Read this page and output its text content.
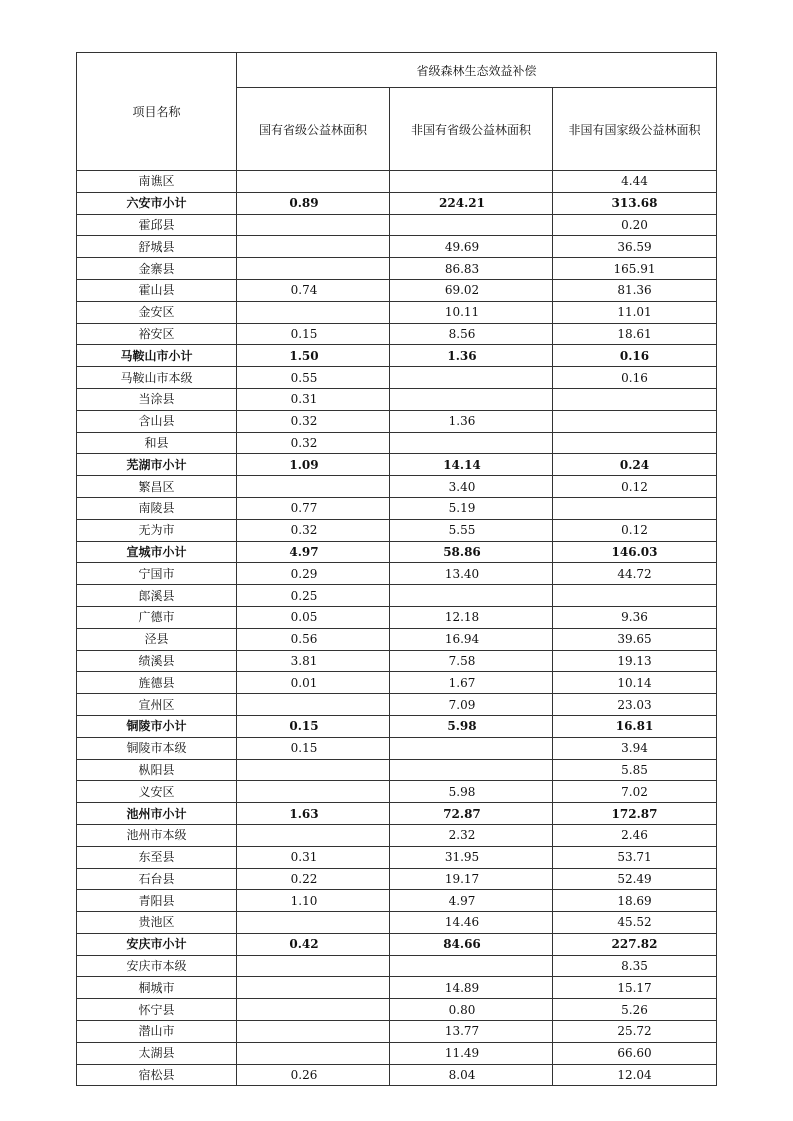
项目名称	省级森林生态效益补偿		
	国有省级公益林面积	非国有省级公益林面积	非国有国家级公益林面积
南谯区			4.44
六安市小计	0.89	224.21	313.68
霍邱县			0.20
舒城县		49.69	36.59
金寨县		86.83	165.91
霍山县	0.74	69.02	81.36
金安区		10.11	11.01
裕安区	0.15	8.56	18.61
马鞍山市小计	1.50	1.36	0.16
马鞍山市本级	0.55		0.16
当涂县	0.31		
含山县	0.32	1.36	
和县	0.32		
芜湖市小计	1.09	14.14	0.24
繁昌区		3.40	0.12
南陵县	0.77	5.19	
无为市	0.32	5.55	0.12
宣城市小计	4.97	58.86	146.03
宁国市	0.29	13.40	44.72
郎溪县	0.25		
广德市	0.05	12.18	9.36
泾县	0.56	16.94	39.65
绩溪县	3.81	7.58	19.13
旌德县	0.01	1.67	10.14
宣州区		7.09	23.03
铜陵市小计	0.15	5.98	16.81
铜陵市本级	0.15		3.94
枞阳县			5.85
义安区		5.98	7.02
池州市小计	1.63	72.87	172.87
池州市本级		2.32	2.46
东至县	0.31	31.95	53.71
石台县	0.22	19.17	52.49
青阳县	1.10	4.97	18.69
贵池区		14.46	45.52
安庆市小计	0.42	84.66	227.82
安庆市本级			8.35
桐城市		14.89	15.17
怀宁县		0.80	5.26
潜山市		13.77	25.72
太湖县		11.49	66.60
宿松县	0.26	8.04	12.04
